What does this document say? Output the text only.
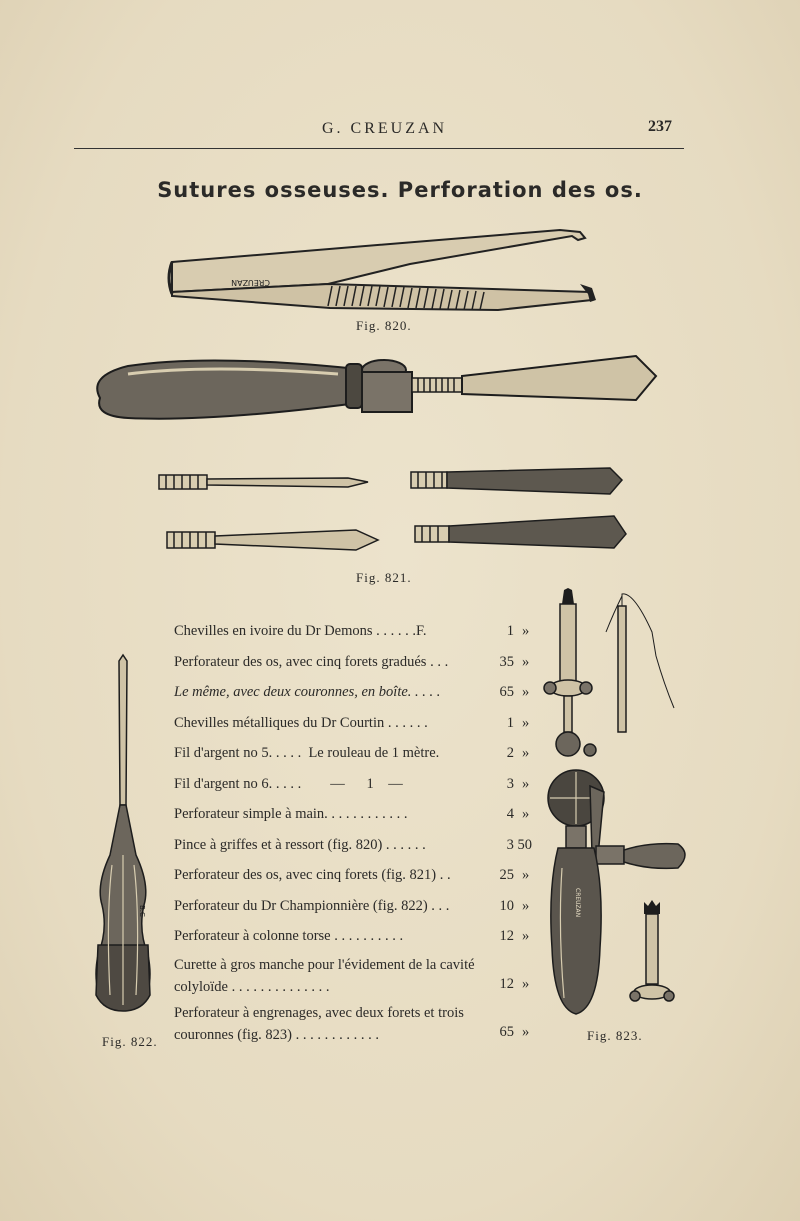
G. CREUZAN	237
Sutures osseuses. Perforation des os.
CREUZAN
Fig. 820.
Fig. 821.
B.C
Fig. 822.
Chevilles en ivoire du Dr Demons . . . . . .F.	1 »
Perforateur des os, avec cinq forets gradués . . .	35 »
Le même, avec deux couronnes, en boîte. . . . .	65 »
Chevilles métalliques du Dr Courtin . . . . . .	1 »
Fil d'argent no 5. . . . .  Le rouleau de 1 mètre.	2 »
Fil d'argent no 6. . . . .        —      1    —	3 »
Perforateur simple à main. . . . . . . . . . . .	4 »
Pince à griffes et à ressort (fig. 820) . . . . . .	3 50
Perforateur des os, avec cinq forets (fig. 821) . .	25 »
Perforateur du Dr Championnière (fig. 822) . . .	10 »
Perforateur à colonne torse . . . . . . . . . .	12 »
Curette à gros manche pour l'évidement de la cavité colyloïde . . . . . . . . . . . . . .	12 »
Perforateur à engrenages, avec deux forets et trois couronnes (fig. 823) . . . . . . . . . . . .	65 »
CREUZAN
Fig. 823.
